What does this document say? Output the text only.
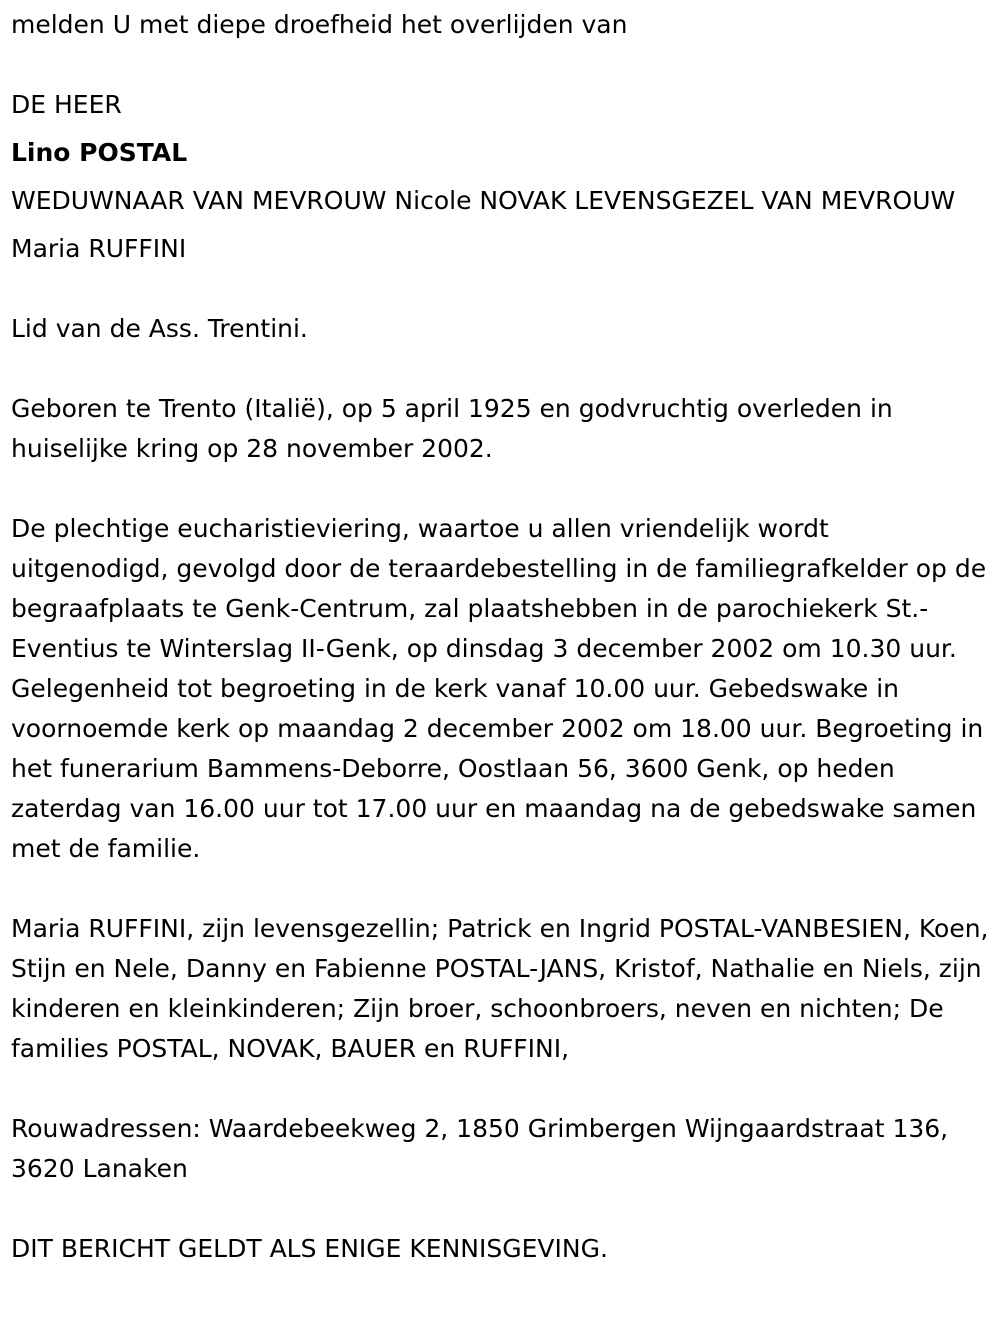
melden U met diepe droefheid het overlijden van

DE HEER

Lino POSTAL

WEDUWNAAR VAN MEVROUW Nicole NOVAK LEVENSGEZEL VAN MEVROUW

Maria RUFFINI

Lid van de Ass. Trentini.

Geboren te Trento (Italië), op 5 april 1925 en godvruchtig overleden in huiselijke kring op 28 november 2002.

De plechtige eucharistieviering, waartoe u allen vriendelijk wordt uitgenodigd, gevolgd door de teraardebestelling in de familiegrafkelder op de begraafplaats te Genk-Centrum, zal plaatshebben in de parochiekerk St.-Eventius te Winterslag II-Genk, op dinsdag 3 december 2002 om 10.30 uur. Gelegenheid tot begroeting in de kerk vanaf 10.00 uur. Gebedswake in voornoemde kerk op maandag 2 december 2002 om 18.00 uur. Begroeting in het funerarium Bammens-Deborre, Oostlaan 56, 3600 Genk, op heden zaterdag van 16.00 uur tot 17.00 uur en maandag na de gebedswake samen met de familie.

Maria RUFFINI, zijn levensgezellin; Patrick en Ingrid POSTAL-VANBESIEN, Koen, Stijn en Nele, Danny en Fabienne POSTAL-JANS, Kristof, Nathalie en Niels, zijn kinderen en kleinkinderen; Zijn broer, schoonbroers, neven en nichten; De families POSTAL, NOVAK, BAUER en RUFFINI,

Rouwadressen: Waardebeekweg 2, 1850 Grimbergen Wijngaardstraat 136, 3620 Lanaken

DIT BERICHT GELDT ALS ENIGE KENNISGEVING.
